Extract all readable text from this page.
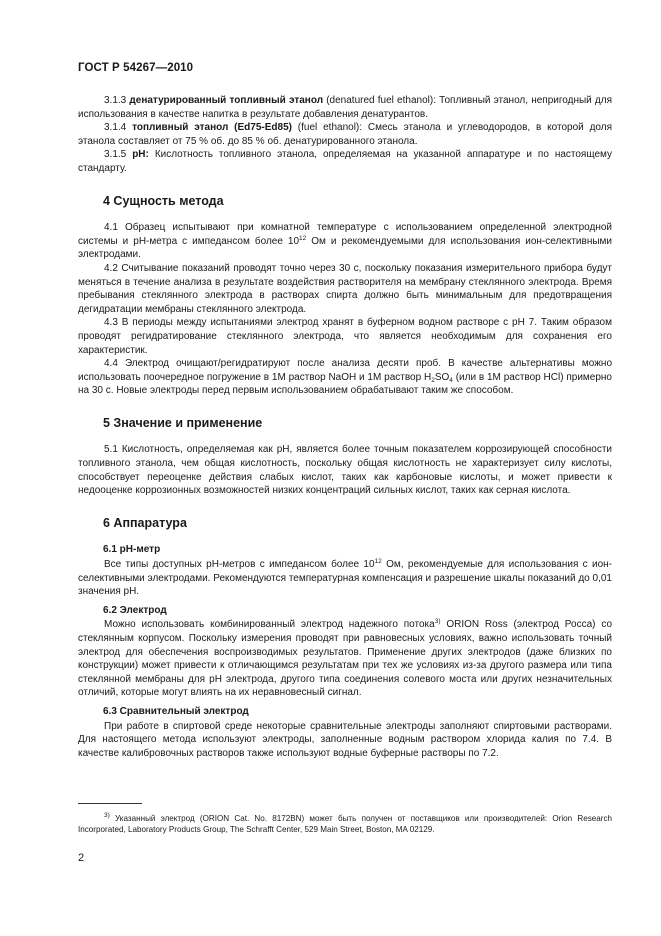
ГОСТ Р 54267—2010

3.1.3 денатурированный топливный этанол (denatured fuel ethanol): Топливный этанол, непригодный для использования в качестве напитка в результате добавления денатурантов.

3.1.4 топливный этанол (Ed75-Ed85) (fuel ethanol): Смесь этанола и углеводородов, в которой доля этанола составляет от 75 % об. до 85 % об. денатурированного этанола.

3.1.5 pH: Кислотность топливного этанола, определяемая на указанной аппаратуре и по настоящему стандарту.

4 Сущность метода

4.1 Образец испытывают при комнатной температуре с использованием определенной электродной системы и pH-метра с импедансом более $10^{12}$ Ом и рекомендуемыми для использования ион-селективными электродами.

4.2 Считывание показаний проводят точно через 30 с, поскольку показания измерительного прибора будут меняться в течение анализа в результате воздействия растворителя на мембрану стеклянного электрода. Время пребывания стеклянного электрода в растворах спирта должно быть минимальным для предотвращения дегидратации мембраны стеклянного электрода.

4.3 В периоды между испытаниями электрод хранят в буферном водном растворе с pH 7. Таким образом проводят регидратирование стеклянного электрода, что является необходимым для сохранения его характеристик.

4.4 Электрод очищают/регидратируют после анализа десяти проб. В качестве альтернативы можно использовать поочередное погружение в 1М раствор NaOH и 1М раствор $H_2SO_4$ (или в 1М раствор HCl) примерно на 30 с. Новые электроды перед первым использованием обрабатывают таким же способом.

5 Значение и применение

5.1 Кислотность, определяемая как pH, является более точным показателем коррозирующей способности топливного этанола, чем общая кислотность, поскольку общая кислотность не характеризует силу кислоты, способствует переоценке действия слабых кислот, таких как карбоновые кислоты, и может привести к недооценке коррозионных возможностей низких концентраций сильных кислот, таких как серная кислота.

6 Аппаратура
6.1 pH-метр

Все типы доступных pH-метров с импедансом более $10^{12}$ Ом, рекомендуемые для использования с ион-селективными электродами. Рекомендуются температурная компенсация и разрешение шкалы показаний до 0,01 значения pH.

6.2 Электрод

Можно использовать комбинированный электрод надежного потока$^{3)}$ ORION Ross (электрод Росса) со стеклянным корпусом. Поскольку измерения проводят при равновесных условиях, важно использовать точный электрод для обеспечения воспроизводимых результатов. Применение других электродов (даже близких по конструкции) может привести к отличающимся результатам при тех же условиях из-за другого размера или типа стеклянной мембраны для pH электрода, другого типа соединения солевого моста или других незначительных отличий, которые могут влиять на их неравновесный сигнал.

6.3 Сравнительный электрод

При работе в спиртовой среде некоторые сравнительные электроды заполняют спиртовыми растворами. Для настоящего метода используют электроды, заполненные водным раствором хлорида калия по 7.4. В качестве калибровочных растворов также используют водные буферные растворы по 7.2.

$^{3)}$ Указанный электрод (ORION Cat. No. 8172BN) может быть получен от поставщиков или производителей: Orion Research Incorporated, Laboratory Products Group, The Schrafft Center, 529 Main Street, Boston, MA 02129.
2
